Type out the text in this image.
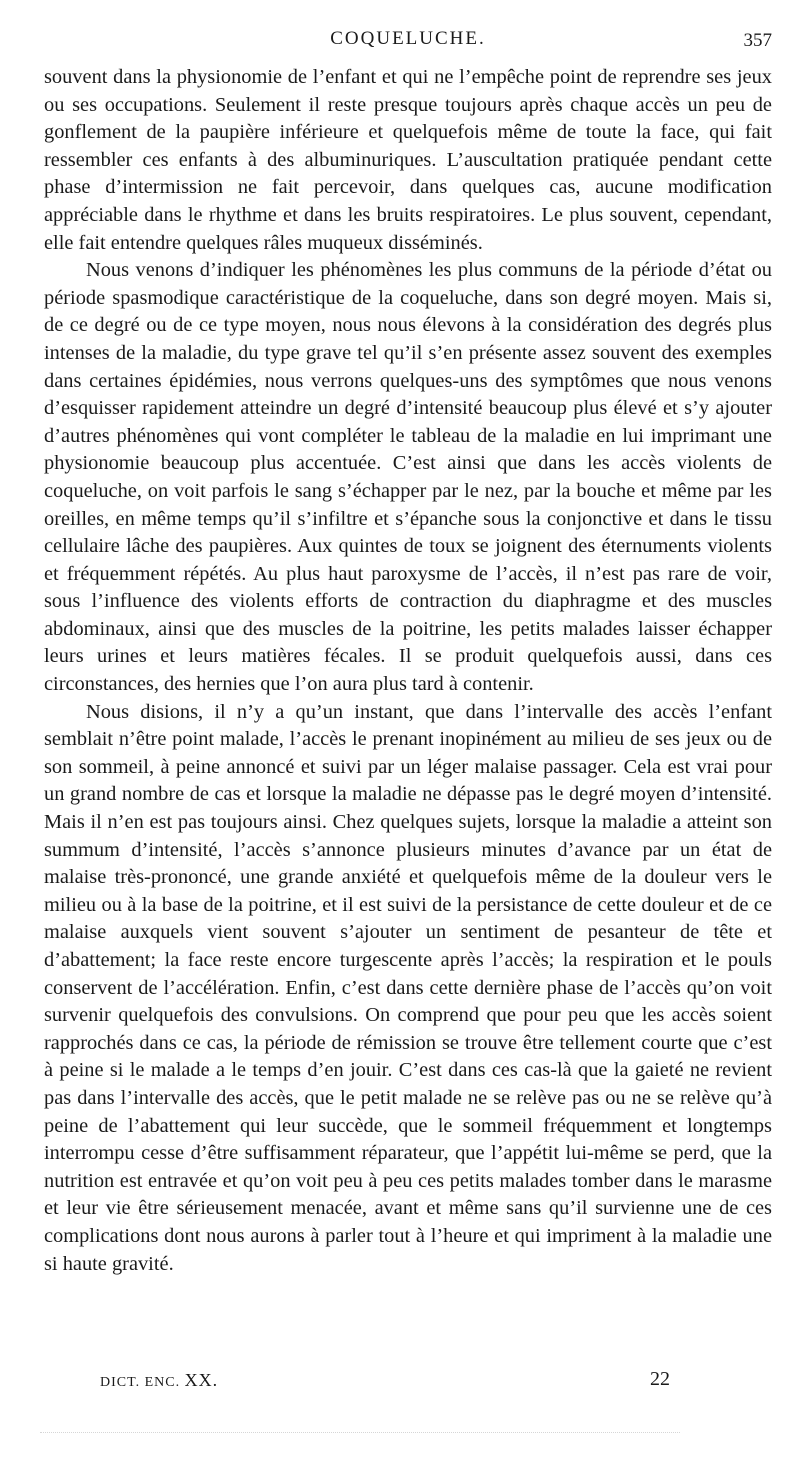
COQUELUCHE.	357

souvent dans la physionomie de l’enfant et qui ne l’empêche point de reprendre ses jeux ou ses occupations. Seulement il reste presque toujours après chaque accès un peu de gonflement de la paupière inférieure et quelquefois même de toute la face, qui fait ressembler ces enfants à des albuminuriques. L’auscultation pratiquée pendant cette phase d’intermission ne fait percevoir, dans quelques cas, aucune modification appréciable dans le rhythme et dans les bruits respiratoires. Le plus souvent, cependant, elle fait entendre quelques râles muqueux disséminés.

Nous venons d’indiquer les phénomènes les plus communs de la période d’état ou période spasmodique caractéristique de la coqueluche, dans son degré moyen. Mais si, de ce degré ou de ce type moyen, nous nous élevons à la considération des degrés plus intenses de la maladie, du type grave tel qu’il s’en présente assez souvent des exemples dans certaines épidémies, nous verrons quelques-uns des symptômes que nous venons d’esquisser rapidement atteindre un degré d’intensité beaucoup plus élevé et s’y ajouter d’autres phénomènes qui vont compléter le tableau de la maladie en lui imprimant une physionomie beaucoup plus accentuée. C’est ainsi que dans les accès violents de coqueluche, on voit parfois le sang s’échapper par le nez, par la bouche et même par les oreilles, en même temps qu’il s’infiltre et s’épanche sous la conjonctive et dans le tissu cellulaire lâche des paupières. Aux quintes de toux se joignent des éternuments violents et fréquemment répétés. Au plus haut paroxysme de l’accès, il n’est pas rare de voir, sous l’influence des violents efforts de contraction du diaphragme et des muscles abdominaux, ainsi que des muscles de la poitrine, les petits malades laisser échapper leurs urines et leurs matières fécales. Il se produit quelquefois aussi, dans ces circonstances, des hernies que l’on aura plus tard à contenir.

Nous disions, il n’y a qu’un instant, que dans l’intervalle des accès l’enfant semblait n’être point malade, l’accès le prenant inopinément au milieu de ses jeux ou de son sommeil, à peine annoncé et suivi par un léger malaise passager. Cela est vrai pour un grand nombre de cas et lorsque la maladie ne dépasse pas le degré moyen d’intensité. Mais il n’en est pas toujours ainsi. Chez quelques sujets, lorsque la maladie a atteint son summum d’intensité, l’accès s’annonce plusieurs minutes d’avance par un état de malaise très-prononcé, une grande anxiété et quelquefois même de la douleur vers le milieu ou à la base de la poitrine, et il est suivi de la persistance de cette douleur et de ce malaise auxquels vient souvent s’ajouter un sentiment de pesanteur de tête et d’abattement; la face reste encore turgescente après l’accès; la respiration et le pouls conservent de l’accélération. Enfin, c’est dans cette dernière phase de l’accès qu’on voit survenir quelquefois des convulsions. On comprend que pour peu que les accès soient rapprochés dans ce cas, la période de rémission se trouve être tellement courte que c’est à peine si le malade a le temps d’en jouir. C’est dans ces cas-là que la gaieté ne revient pas dans l’intervalle des accès, que le petit malade ne se relève pas ou ne se relève qu’à peine de l’abattement qui leur succède, que le sommeil fréquemment et longtemps interrompu cesse d’être suffisamment réparateur, que l’appétit lui-même se perd, que la nutrition est entravée et qu’on voit peu à peu ces petits malades tomber dans le marasme et leur vie être sérieusement menacée, avant et même sans qu’il survienne une de ces complications dont nous aurons à parler tout à l’heure et qui impriment à la maladie une si haute gravité.

DICT. ENC. XX.	22
